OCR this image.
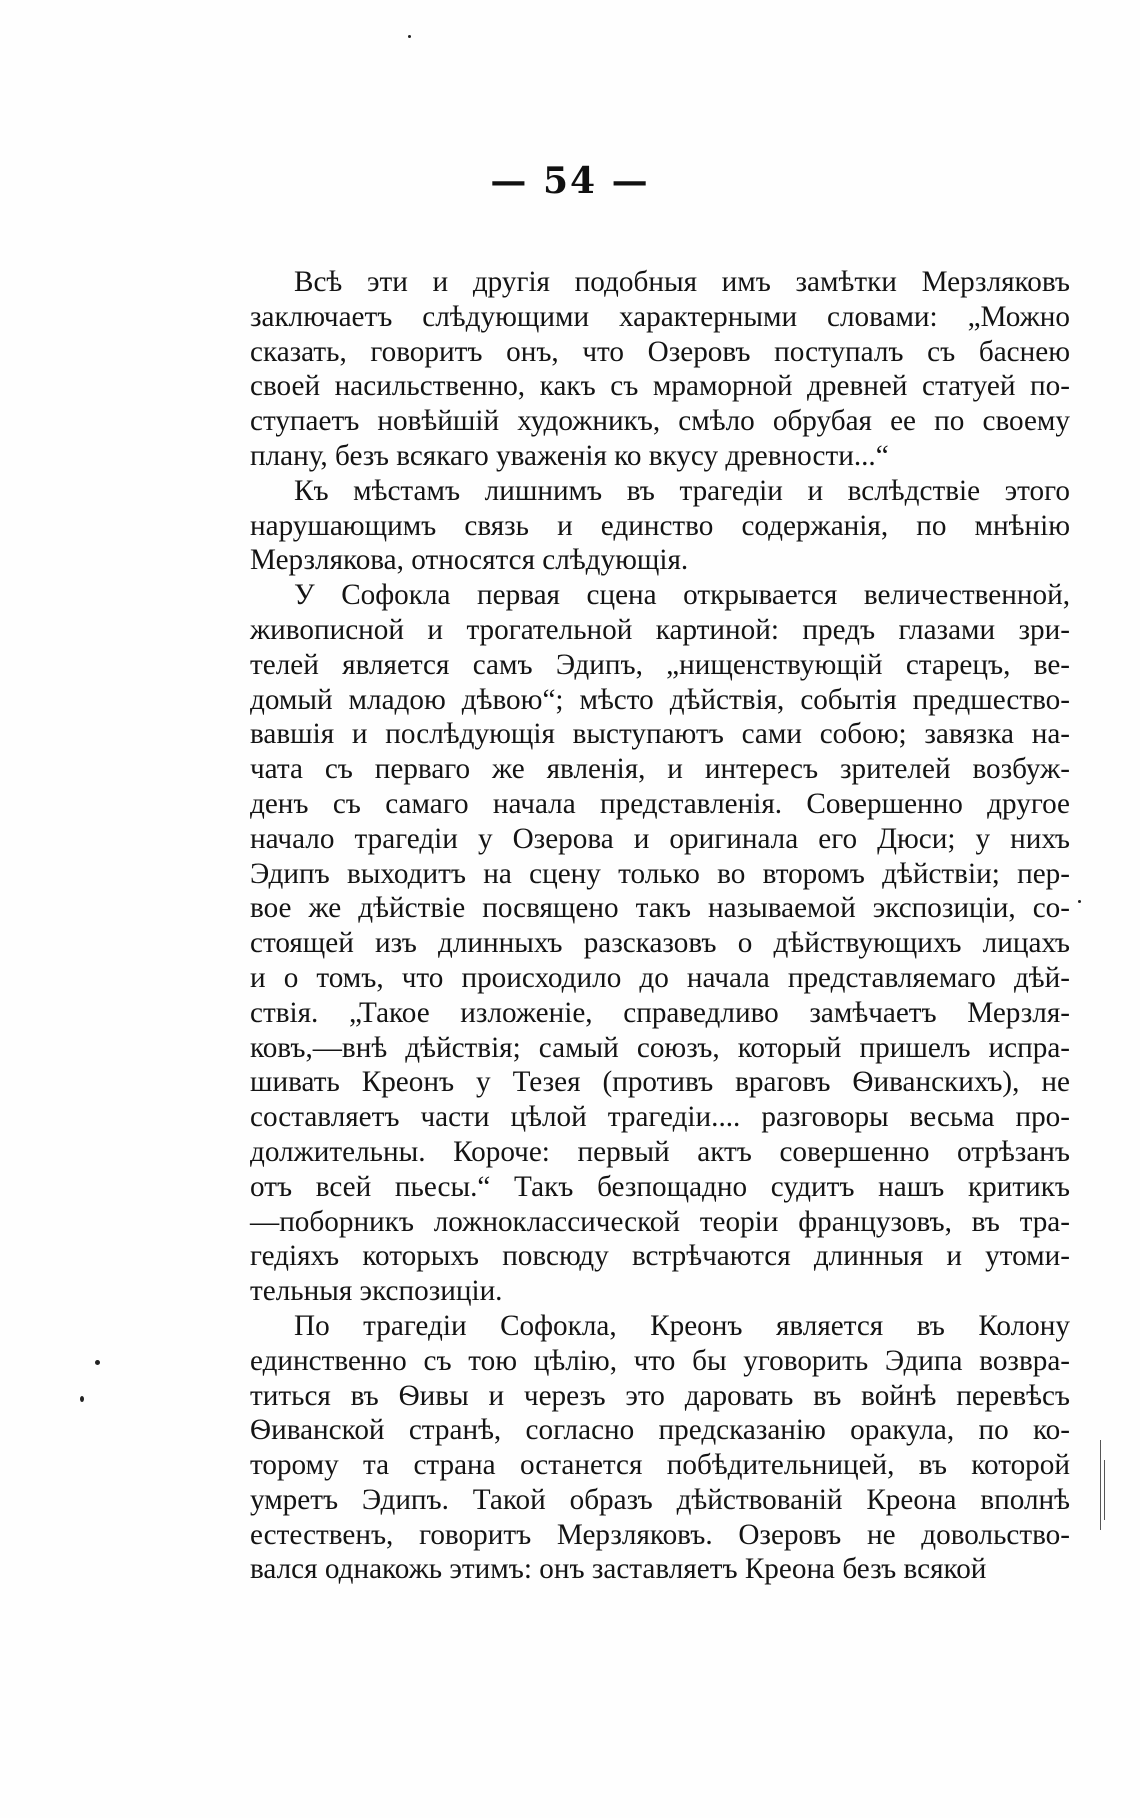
— 54 —
Всѣ эти и другія подобныя имъ замѣтки Мерзляковъ
заключаетъ слѣдующими характерными словами: „Можно
сказать, говоритъ онъ, что Озеровъ поступалъ съ баснею
своей насильственно, какъ съ мраморной древней статуей по-
ступаетъ новѣйшій художникъ, смѣло обрубая ее по своему
плану, безъ всякаго уваженія ко вкусу древности...“
Къ мѣстамъ лишнимъ въ трагедіи и вслѣдствіе этого
нарушающимъ связь и единство содержанія, по мнѣнію
Мерзлякова, относятся слѣдующія.
У Софокла первая сцена открывается величественной,
живописной и трогательной картиной: предъ глазами зри-
телей является самъ Эдипъ, „нищенствующій старецъ, ве-
домый младою дѣвою“; мѣсто дѣйствія, событія предшество-
вавшія и послѣдующія выступаютъ сами собою; завязка на-
чата съ перваго же явленія, и интересъ зрителей возбуж-
денъ съ самаго начала представленія. Совершенно другое
начало трагедіи у Озерова и оригинала его Дюси; у нихъ
Эдипъ выходитъ на сцену только во второмъ дѣйствіи; пер-
вое же дѣйствіе посвящено такъ называемой экспозиціи, со-
стоящей изъ длинныхъ разсказовъ о дѣйствующихъ лицахъ
и о томъ, что происходило до начала представляемаго дѣй-
ствія. „Такое изложеніе, справедливо замѣчаетъ Мерзля-
ковъ,—внѣ дѣйствія; самый союзъ, который пришелъ испра-
шивать Креонъ у Тезея (противъ враговъ Ѳиванскихъ), не
составляетъ части цѣлой трагедіи.... разговоры весьма про-
должительны. Короче: первый актъ совершенно отрѣзанъ
отъ всей пьесы.“ Такъ безпощадно судитъ нашъ критикъ
—поборникъ ложноклассической теоріи французовъ, въ тра-
гедіяхъ которыхъ повсюду встрѣчаются длинныя и утоми-
тельныя экспозиціи.
По трагедіи Софокла, Креонъ является въ Колону
единственно съ тою цѣлію, что бы уговорить Эдипа возвра-
титься въ Ѳивы и черезъ это даровать въ войнѣ перевѣсъ
Ѳиванской странѣ, согласно предсказанію оракула, по ко-
торому та страна останется побѣдительницей, въ которой
умретъ Эдипъ. Такой образъ дѣйствованій Креона вполнѣ
естественъ, говоритъ Мерзляковъ. Озеровъ не довольство-
вался однакожь этимъ: онъ заставляетъ Креона безъ всякой
